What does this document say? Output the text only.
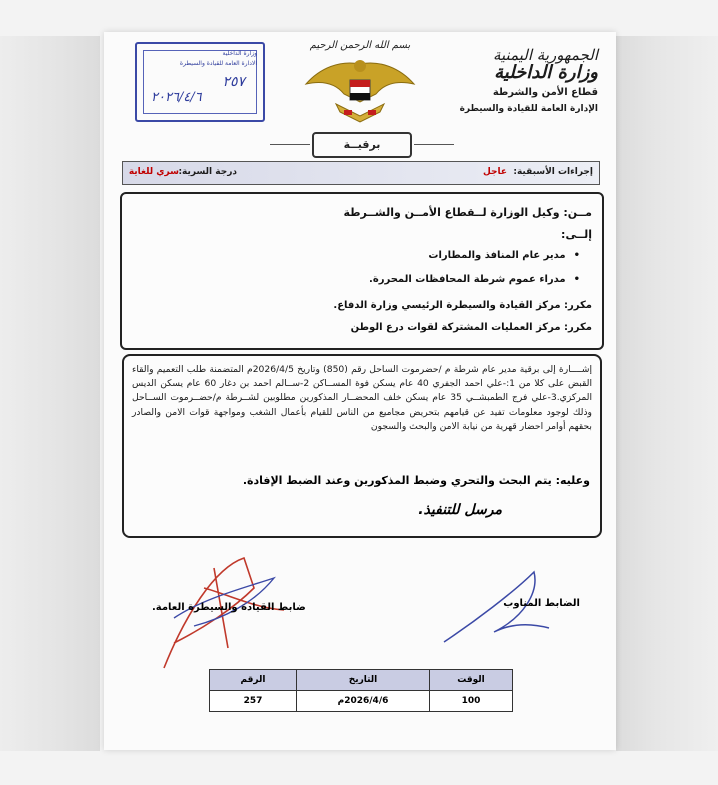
وزارة الداخلية
الادارة العامة للقيادة والسيطرة
٢٥٧
٢٠٢٦/٤/٦
بسم الله الرحمن الرحيم
الجمهورية اليمنية
وزارة الداخلية
قطاع الأمن والشرطة
الإدارة العامة للقيادة والسيطرة
برقيــة
إجراءات الأسبقية:
عاجل
درجة السرية:
سري للغاية
مــن: وكيل الوزارة لــقطاع الأمــن والشــرطة
إلــى:
• مدير عام المنافذ والمطارات
• مدراء عموم شرطة المحافظات المحررة.
مكرر: مركز القيادة والسيطرة الرئيسي وزارة الدفاع.
مكرر: مركز العمليات المشتركة لقوات درع الوطن
إشــــارة إلى برقية مدير عام شرطة م /حضرموت الساحل رقم (850) وتاريخ 2026/4/5م المتضمنة طلب التعميم والقاء القبض على كلا من 1:-علي احمد الجفري 40 عام يسكن فوة المســاكن 2-ســالم احمد بن دغار 60 عام يسكن الديس المركزي.3-علي فرج الطمبشــي 35 عام يسكن خلف المحضــار المذكورين مطلوبين لشــرطة م/حضــرموت الســاحل وذلك لوجود معلومات تفيد عن قيامهم بتحريض مجاميع من الناس للقيام بأعمال الشغب ومواجهة قوات الامن والصادر بحقهم أوامر احضار قهرية من نيابة الامن والبحث والسجون
وعليه: يتم البحث والتحري وضبط المذكورين وعند الضبط الإفادة.
مرسل للتنفيذ.
الضابط المناوب
ضابط القيادة والسيطرة العامة.
الوقت	التاريخ	الرقم
100	2026/4/6م	257
